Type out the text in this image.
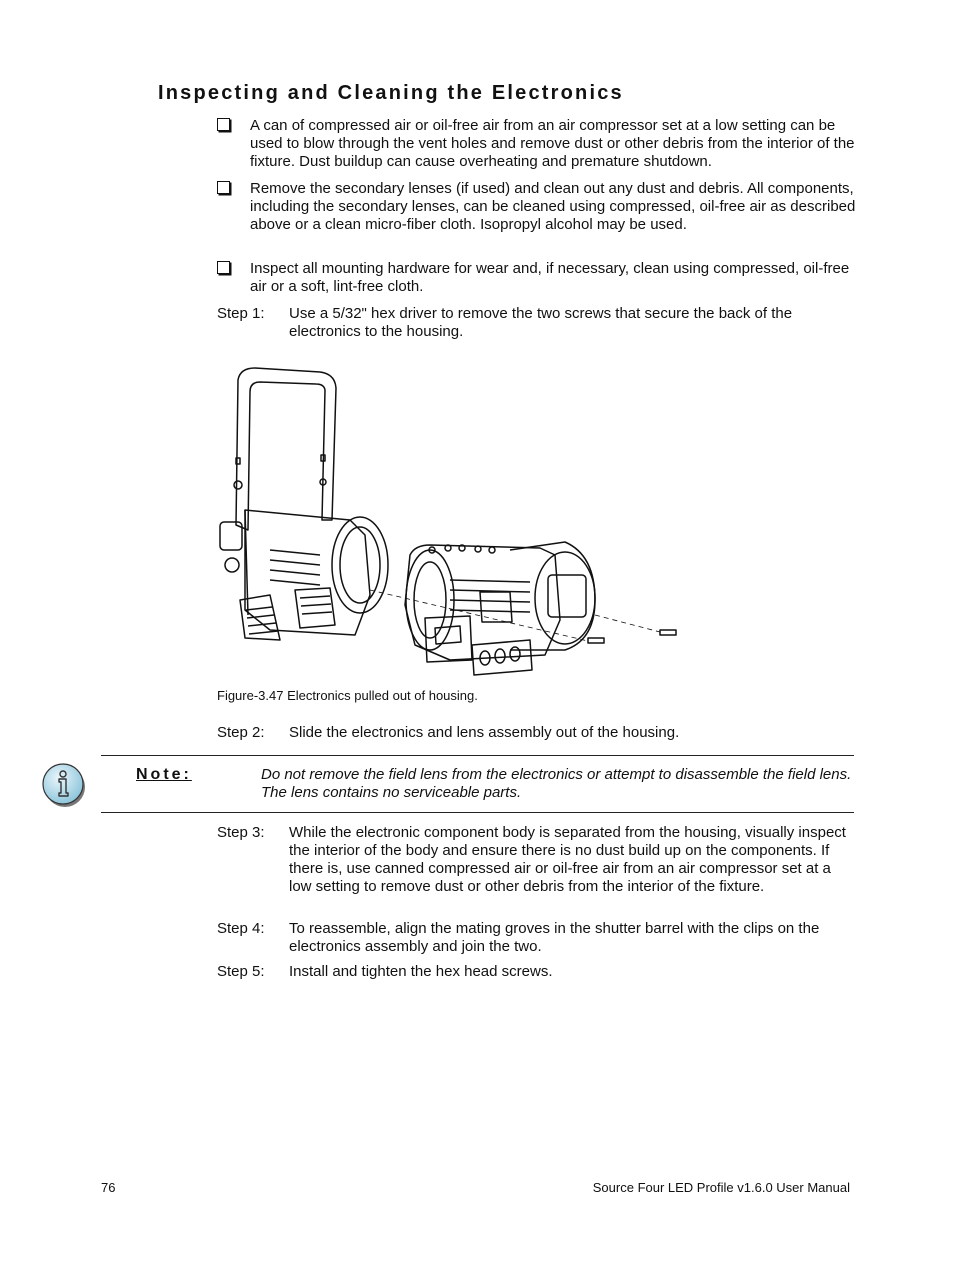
Inspecting and Cleaning the Electronics
A can of compressed air or oil-free air from an air compressor set at a low setting can be used to blow through the vent holes and remove dust or other debris from the interior of the fixture. Dust buildup can cause overheating and premature shutdown.
Remove the secondary lenses (if used) and clean out any dust and debris. All components, including the secondary lenses, can be cleaned using compressed, oil-free air as described above or a clean micro-fiber cloth. Isopropyl alcohol may be used.
Inspect all mounting hardware for wear and, if necessary, clean using compressed, oil-free air or a soft, lint-free cloth.
Step 1: Use a 5/32" hex driver to remove the two screws that secure the back of the electronics to the housing.
Figure-3.47 Electronics pulled out of housing.
Step 2: Slide the electronics and lens assembly out of the housing.
Note:	Do not remove the field lens from the electronics or attempt to disassemble the field lens. The lens contains no serviceable parts.
Step 3: While the electronic component body is separated from the housing, visually inspect the interior of the body and ensure there is no dust build up on the components. If there is, use canned compressed air or oil-free air from an air compressor set at a low setting to remove dust or other debris from the interior of the fixture.
Step 4: To reassemble, align the mating groves in the shutter barrel with the clips on the electronics assembly and join the two.
Step 5: Install and tighten the hex head screws.
76	Source Four LED Profile v1.6.0 User Manual
